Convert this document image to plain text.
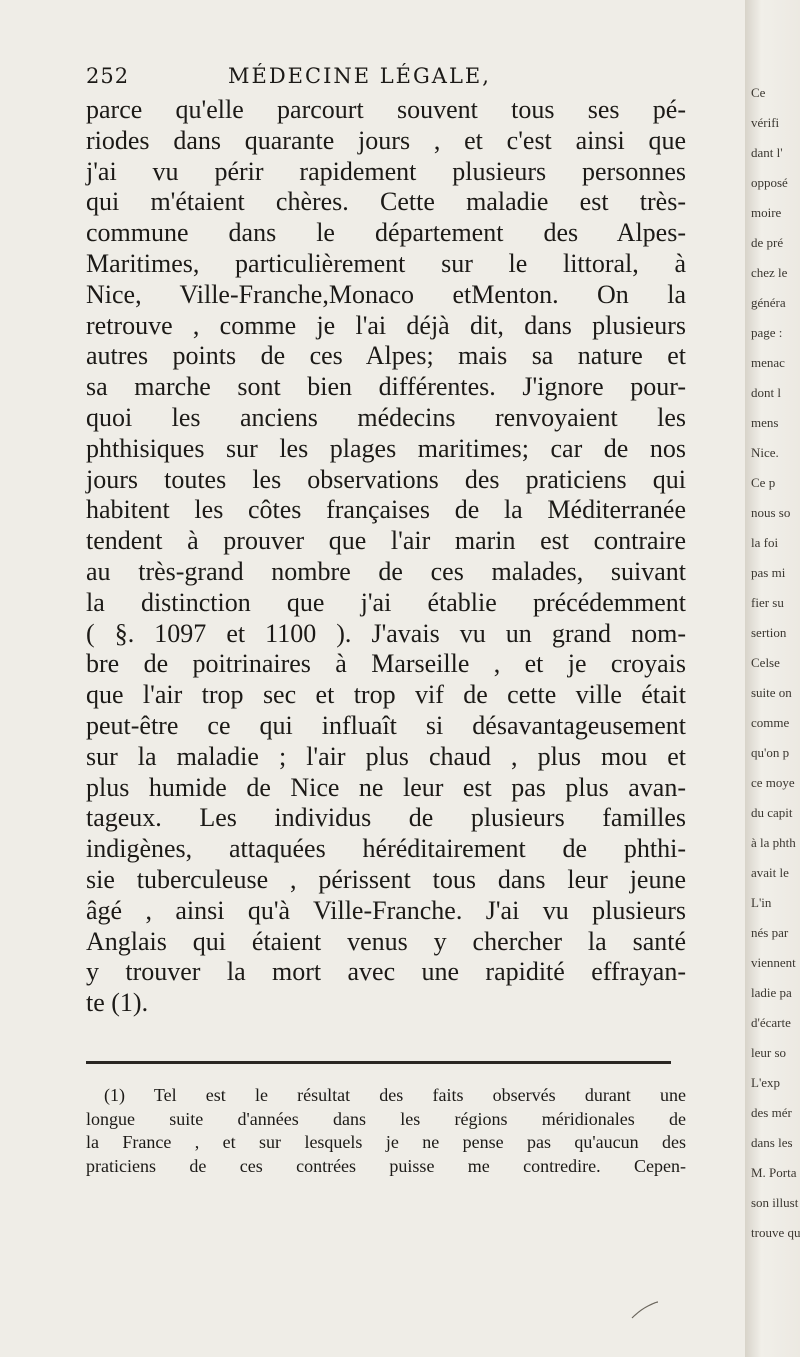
252	MÉDECINE LÉGALE,
parce qu'elle parcourt souvent tous ses pé-
riodes dans quarante jours , et c'est ainsi que
j'ai vu périr rapidement plusieurs personnes
qui m'étaient chères. Cette maladie est très-
commune dans le département des Alpes-
Maritimes, particulièrement sur le littoral, à
Nice, Ville-Franche,Monaco etMenton. On la
retrouve , comme je l'ai déjà dit, dans plusieurs
autres points de ces Alpes; mais sa nature et
sa marche sont bien différentes. J'ignore pour-
quoi les anciens médecins renvoyaient les
phthisiques sur les plages maritimes; car de nos
jours toutes les observations des praticiens qui
habitent les côtes françaises de la Méditerranée
tendent à prouver que l'air marin est contraire
au très-grand nombre de ces malades, suivant
la distinction que j'ai établie précédemment
( §. 1097 et 1100 ). J'avais vu un grand nom-
bre de poitrinaires à Marseille , et je croyais
que l'air trop sec et trop vif de cette ville était
peut-être ce qui influaît si désavantageusement
sur la maladie ; l'air plus chaud , plus mou et
plus humide de Nice ne leur est pas plus avan-
tageux. Les individus de plusieurs familles
indigènes, attaquées héréditairement de phthi-
sie tuberculeuse , périssent tous dans leur jeune
âgé , ainsi qu'à Ville-Franche. J'ai vu plusieurs
Anglais qui étaient venus y chercher la santé
y trouver la mort avec une rapidité effrayan-
te (1).
(1) Tel est le résultat des faits observés durant une
longue suite d'années dans les régions méridionales de
la France , et sur lesquels je ne pense pas qu'aucun des
praticiens de ces contrées puisse me contredire. Cepen-
Ce
vérifi
dant l'
opposé
moire
de pré
chez le
généra
page :
menac
dont l
mens
Nice.
Ce p
nous so
la foi
pas mi
fier su
sertion
Celse
suite on
comme
qu'on p
ce moye
du capit
à la phth
avait le
L'in
nés par
viennent
ladie pa
d'écarte
leur so
L'exp
des mér
dans les
M. Porta
son illust
trouve qu
